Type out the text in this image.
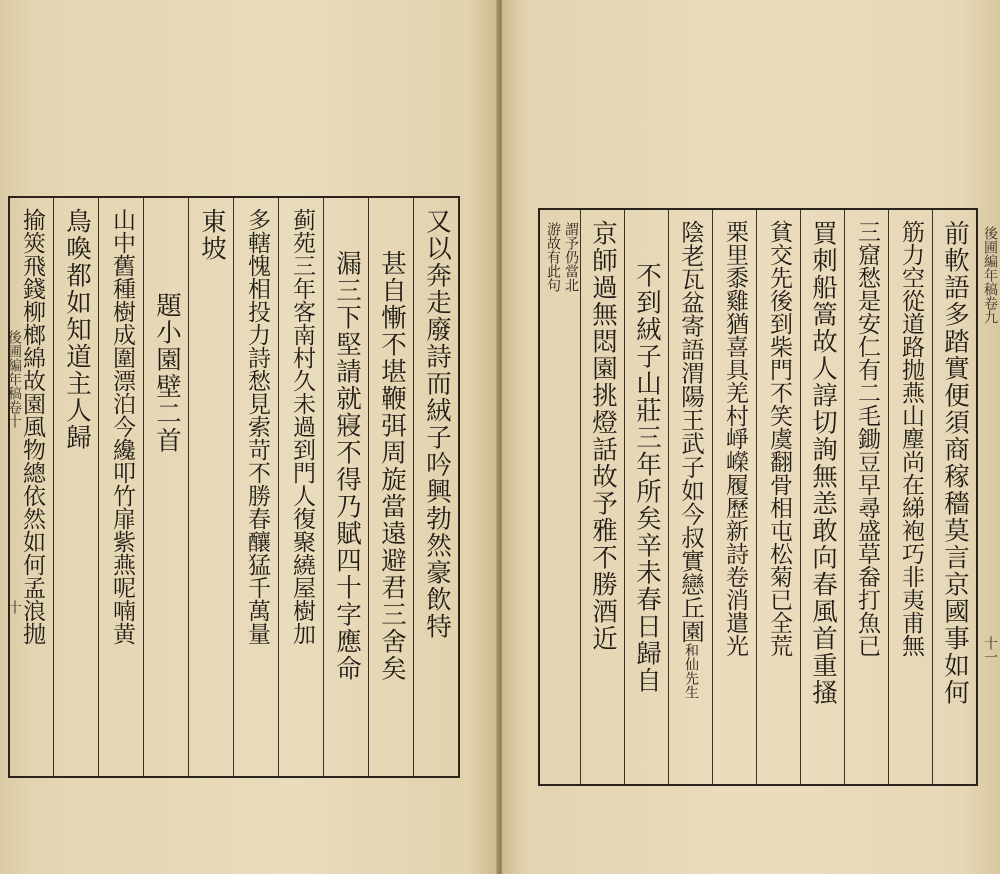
後圃編年稿卷十
十	又以奔走廢詩而絨子吟興勃然豪飲特
甚自慚不堪鞭弭周旋當遠避君三舍矣
漏三下堅請就寢不得乃賦四十字應命
蓟苑三年客南村久未過到門人復聚繞屋樹加
多轄愧相投力詩愁見索苛不勝春釀猛千萬量
東坡
題小園壁二首
山中舊種樹成圍漂泊今纔叩竹扉紫燕呢喃黄
鳥喚都如知道主人歸
揄筴飛錢柳榔綿故園風物總依然如何孟浪抛	前軟語多踏實便須商稼穡莫言京國事如何
筋力空從道路抛燕山塵尚在綈袍巧非夷甫無
三窟愁是安仁有二毛鋤豆早尋盛草畚打魚已
買刺船篙故人諄切詢無恙敢向春風首重搔
貧交先後到柴門不笑虞翻骨相屯松菊已全荒
栗里黍雞猶喜具羌村崢嶸履歷新詩卷消遣光
陰老瓦盆寄語渭陽王武子如今叔實戀丘園和仙先生
不到絨子山莊三年所矣辛未春日歸自
京師過無悶園挑燈話故予雅不勝酒近
謂予仍當北
游故有此句	後圃編年稿卷九
十一
